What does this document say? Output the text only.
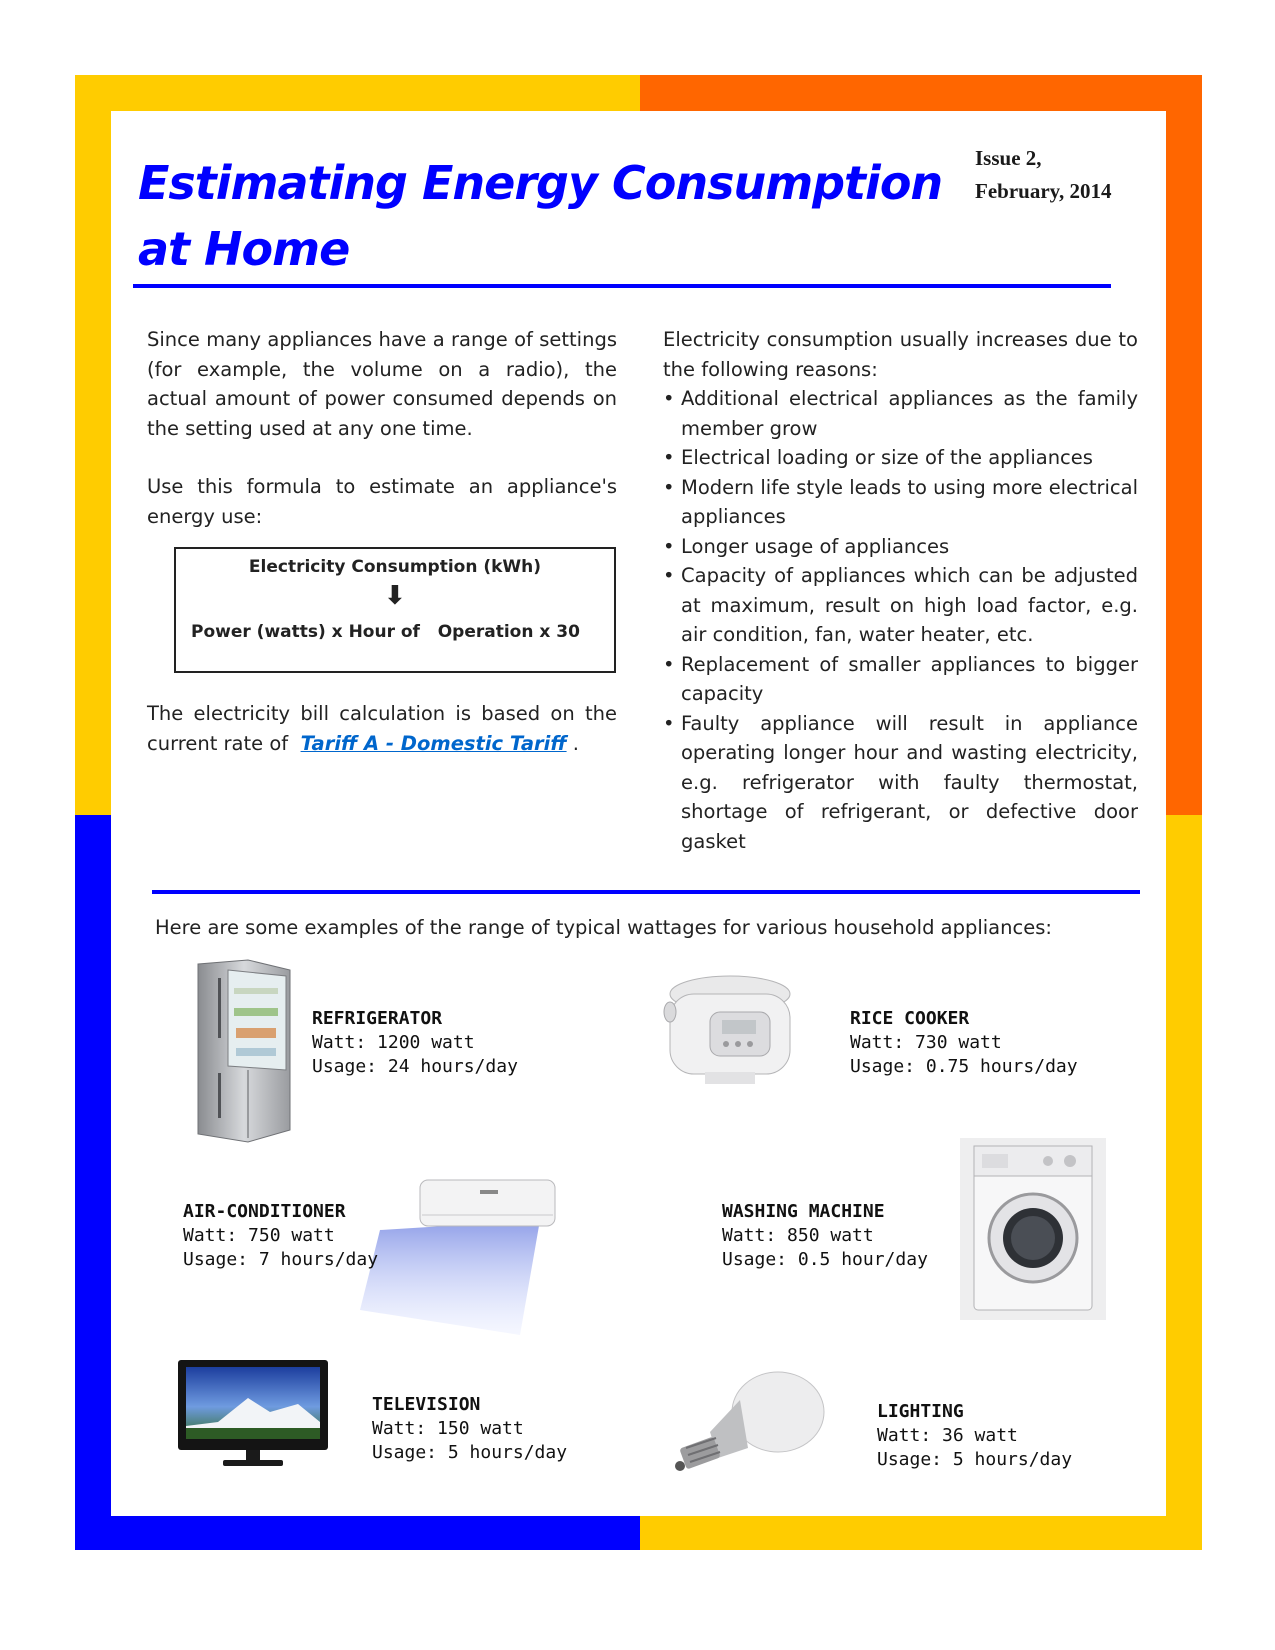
Estimating Energy Consumption at Home
Issue 2,
February, 2014

Since many appliances have a range of settings (for example, the volume on a radio), the actual amount of power consumed depends on the setting used at any one time.

Use this formula to estimate an appliance's energy use:

Electricity Consumption (kWh)
⬇
Power (watts) x Hour of   Operation x 30
The electricity bill calculation is based on the current rate of Tariff A - Domestic Tariff .
Electricity consumption usually increases due to the following reasons:
• Additional electrical appliances as the family member grow
• Electrical loading or size of the appliances
• Modern life style leads to using more electrical appliances
• Longer usage of appliances
• Capacity of appliances which can be adjusted at maximum, result on high load factor, e.g. air condition, fan, water heater, etc.
• Replacement of smaller appliances to bigger capacity
• Faulty appliance will result in appliance operating longer hour and wasting electricity, e.g. refrigerator with faulty thermostat, shortage of refrigerant, or defective door gasket
Here are some examples of the range of typical wattages for various household appliances:
REFRIGERATOR
Watt: 1200 watt
Usage: 24 hours/day
RICE COOKER
Watt: 730 watt
Usage: 0.75 hours/day
AIR-CONDITIONER
Watt: 750 watt
Usage: 7 hours/day
WASHING MACHINE
Watt: 850 watt
Usage: 0.5 hour/day
TELEVISION
Watt: 150 watt
Usage: 5 hours/day
LIGHTING
Watt: 36 watt
Usage: 5 hours/day
